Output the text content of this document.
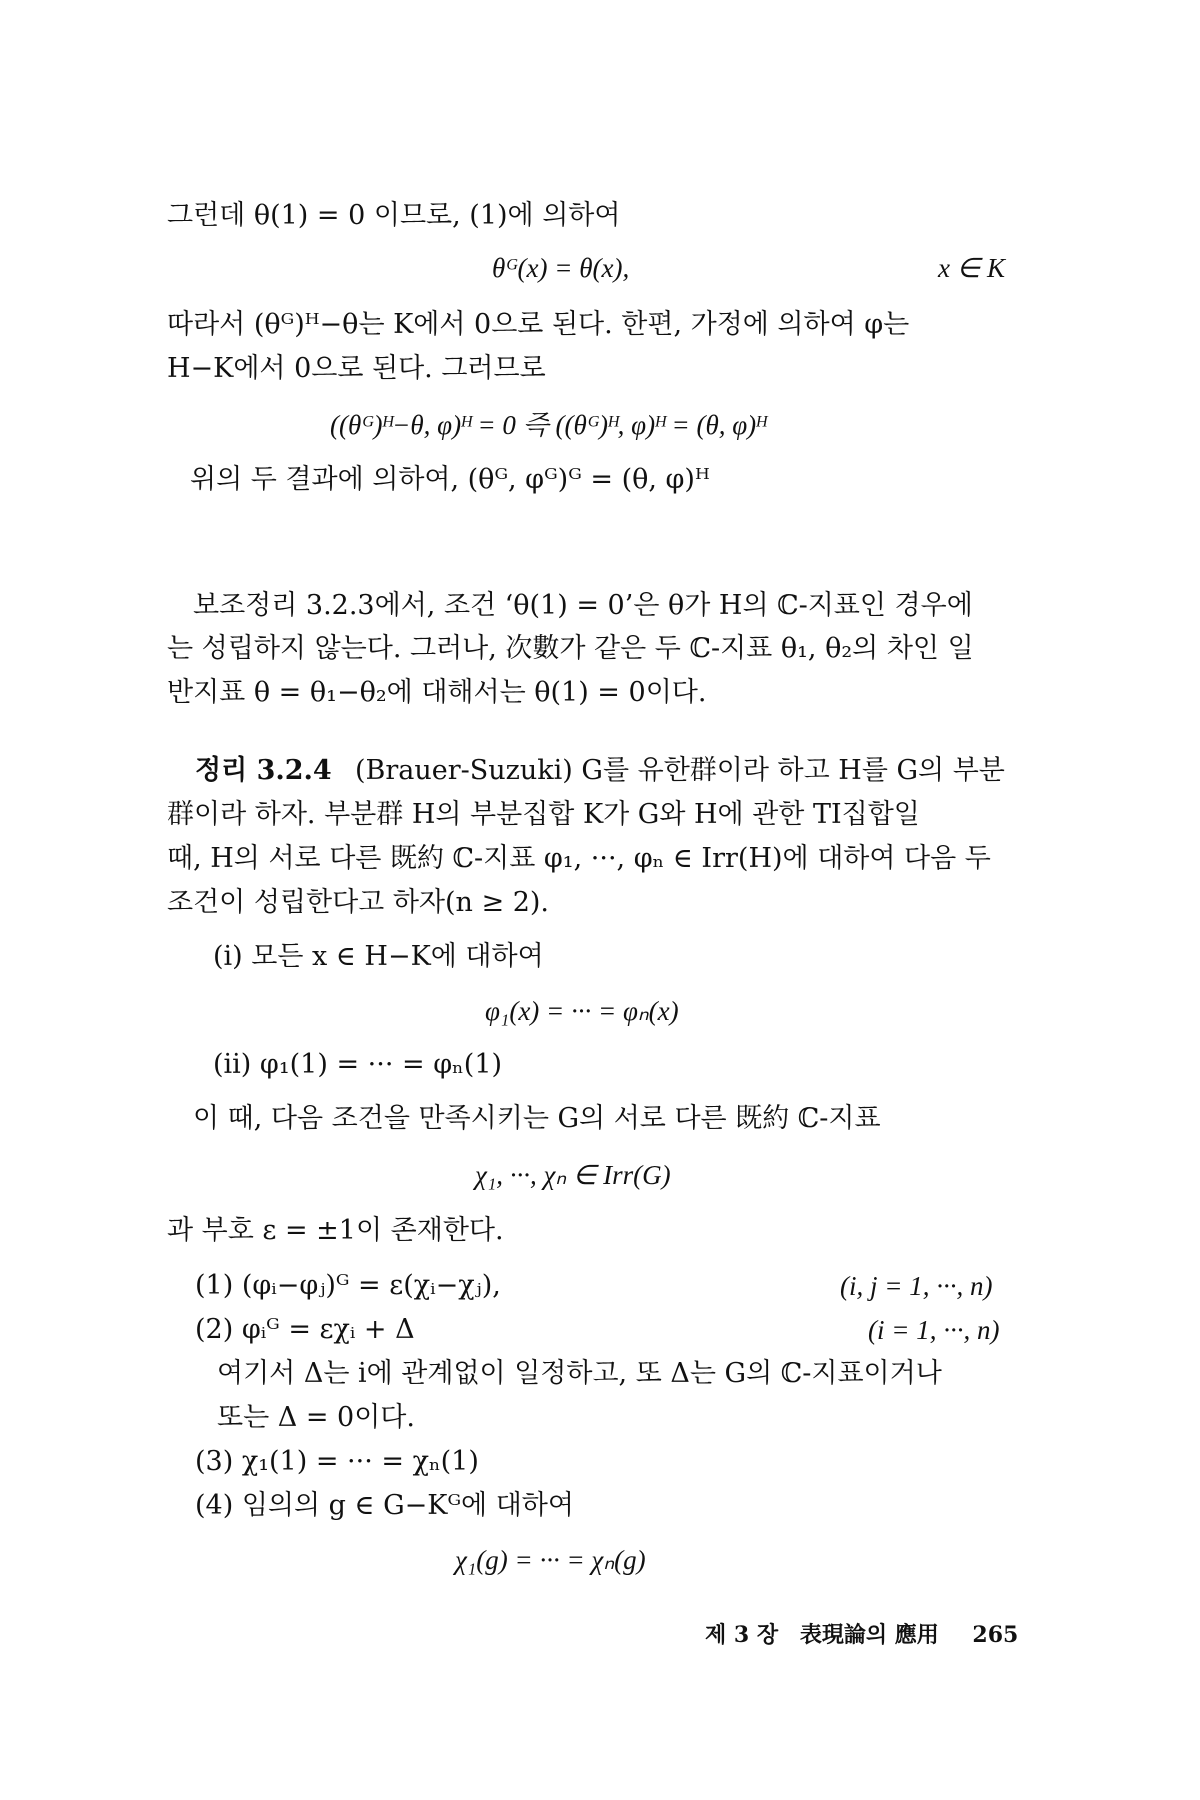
그런데 θ(1) = 0 이므로, (1)에 의하여
θᴳ(x) = θ(x),	x ∈ K
따라서 (θᴳ)ᴴ−θ는 K에서 0으로 된다. 한편, 가정에 의하여 φ는
H−K에서 0으로 된다. 그러므로
((θᴳ)ᴴ−θ, φ)ᴴ = 0 즉 ((θᴳ)ᴴ, φ)ᴴ = (θ, φ)ᴴ
위의 두 결과에 의하여, (θᴳ, φᴳ)ᴳ = (θ, φ)ᴴ
보조정리 3.2.3에서, 조건 ‘θ(1) = 0’은 θ가 H의 ℂ-지표인 경우에
는 성립하지 않는다. 그러나, 次數가 같은 두 ℂ-지표 θ₁, θ₂의 차인 일
반지표 θ = θ₁−θ₂에 대해서는 θ(1) = 0이다.
정리 3.2.4 (Brauer-Suzuki) G를 유한群이라 하고 H를 G의 부분
群이라 하자. 부분群 H의 부분집합 K가 G와 H에 관한 TI집합일
때, H의 서로 다른 既約 ℂ-지표 φ₁, ···, φₙ ∈ Irr(H)에 대하여 다음 두
조건이 성립한다고 하자(n ≥ 2).
(i) 모든 x ∈ H−K에 대하여
φ₁(x) = ··· = φₙ(x)
(ii) φ₁(1) = ··· = φₙ(1)
이 때, 다음 조건을 만족시키는 G의 서로 다른 既約 ℂ-지표
χ₁, ···, χₙ ∈ Irr(G)
과 부호 ε = ±1이 존재한다.
(1) (φᵢ−φⱼ)ᴳ = ε(χᵢ−χⱼ),	(i, j = 1, ···, n)
(2) φᵢᴳ = εχᵢ + Δ	(i = 1, ···, n)
여기서 Δ는 i에 관계없이 일정하고, 또 Δ는 G의 ℂ-지표이거나
또는 Δ = 0이다.
(3) χ₁(1) = ··· = χₙ(1)
(4) 임의의 g ∈ G−Kᴳ에 대하여
χ₁(g) = ··· = χₙ(g)
제 3 장 表現論의 應用 265
